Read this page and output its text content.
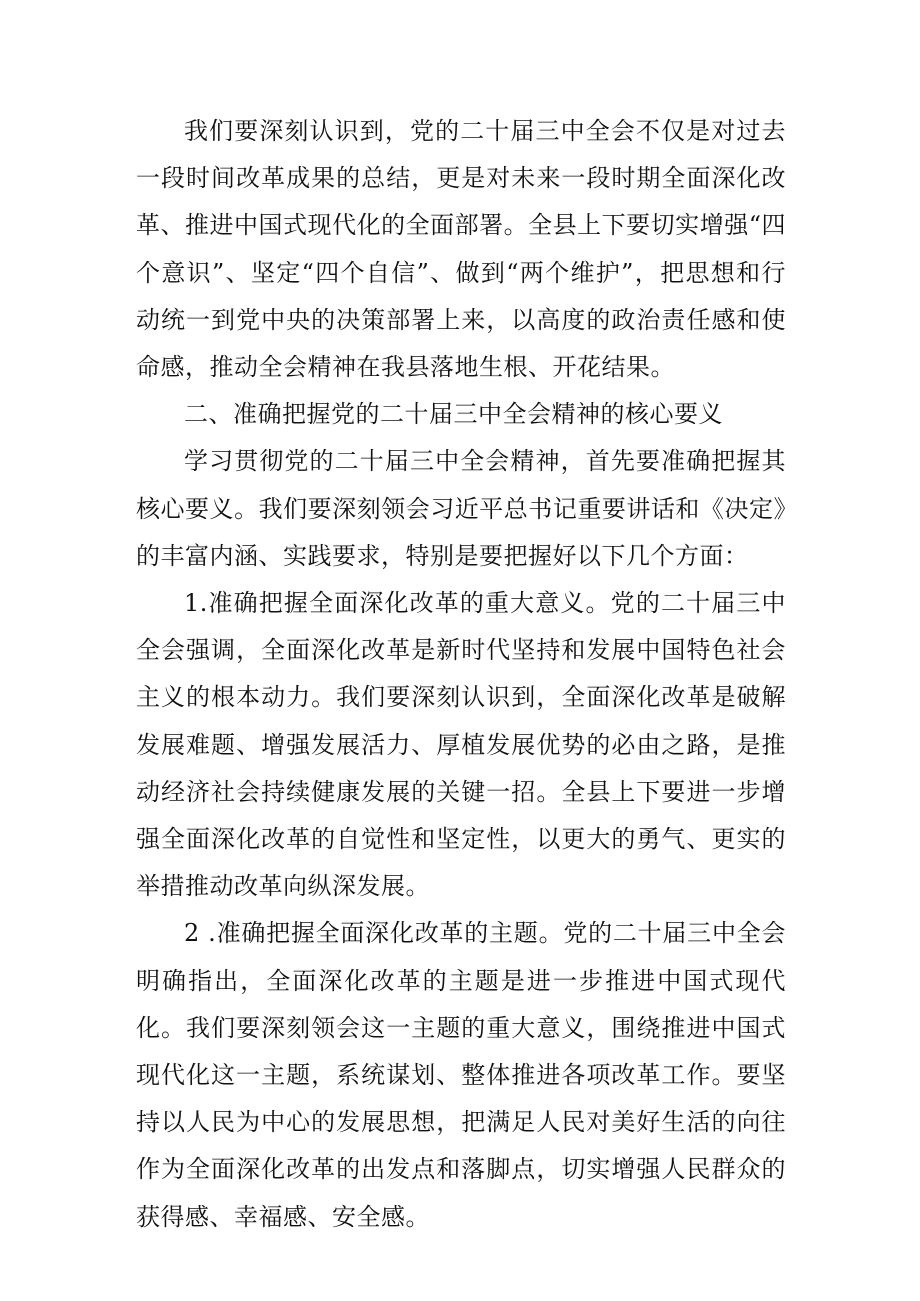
我们要深刻认识到，党的二十届三中全会不仅是对过去一段时间改革成果的总结，更是对未来一段时期全面深化改革、推进中国式现代化的全面部署。全县上下要切实增强“四个意识”、坚定“四个自信”、做到“两个维护”，把思想和行动统一到党中央的决策部署上来，以高度的政治责任感和使命感，推动全会精神在我县落地生根、开花结果。

二、准确把握党的二十届三中全会精神的核心要义

学习贯彻党的二十届三中全会精神，首先要准确把握其核心要义。我们要深刻领会习近平总书记重要讲话和《决定》的丰富内涵、实践要求，特别是要把握好以下几个方面：

1.准确把握全面深化改革的重大意义。党的二十届三中全会强调，全面深化改革是新时代坚持和发展中国特色社会主义的根本动力。我们要深刻认识到，全面深化改革是破解发展难题、增强发展活力、厚植发展优势的必由之路，是推动经济社会持续健康发展的关键一招。全县上下要进一步增强全面深化改革的自觉性和坚定性，以更大的勇气、更实的举措推动改革向纵深发展。

2 .准确把握全面深化改革的主题。党的二十届三中全会明确指出，全面深化改革的主题是进一步推进中国式现代化。我们要深刻领会这一主题的重大意义，围绕推进中国式现代化这一主题，系统谋划、整体推进各项改革工作。要坚持以人民为中心的发展思想，把满足人民对美好生活的向往作为全面深化改革的出发点和落脚点，切实增强人民群众的获得感、幸福感、安全感。
